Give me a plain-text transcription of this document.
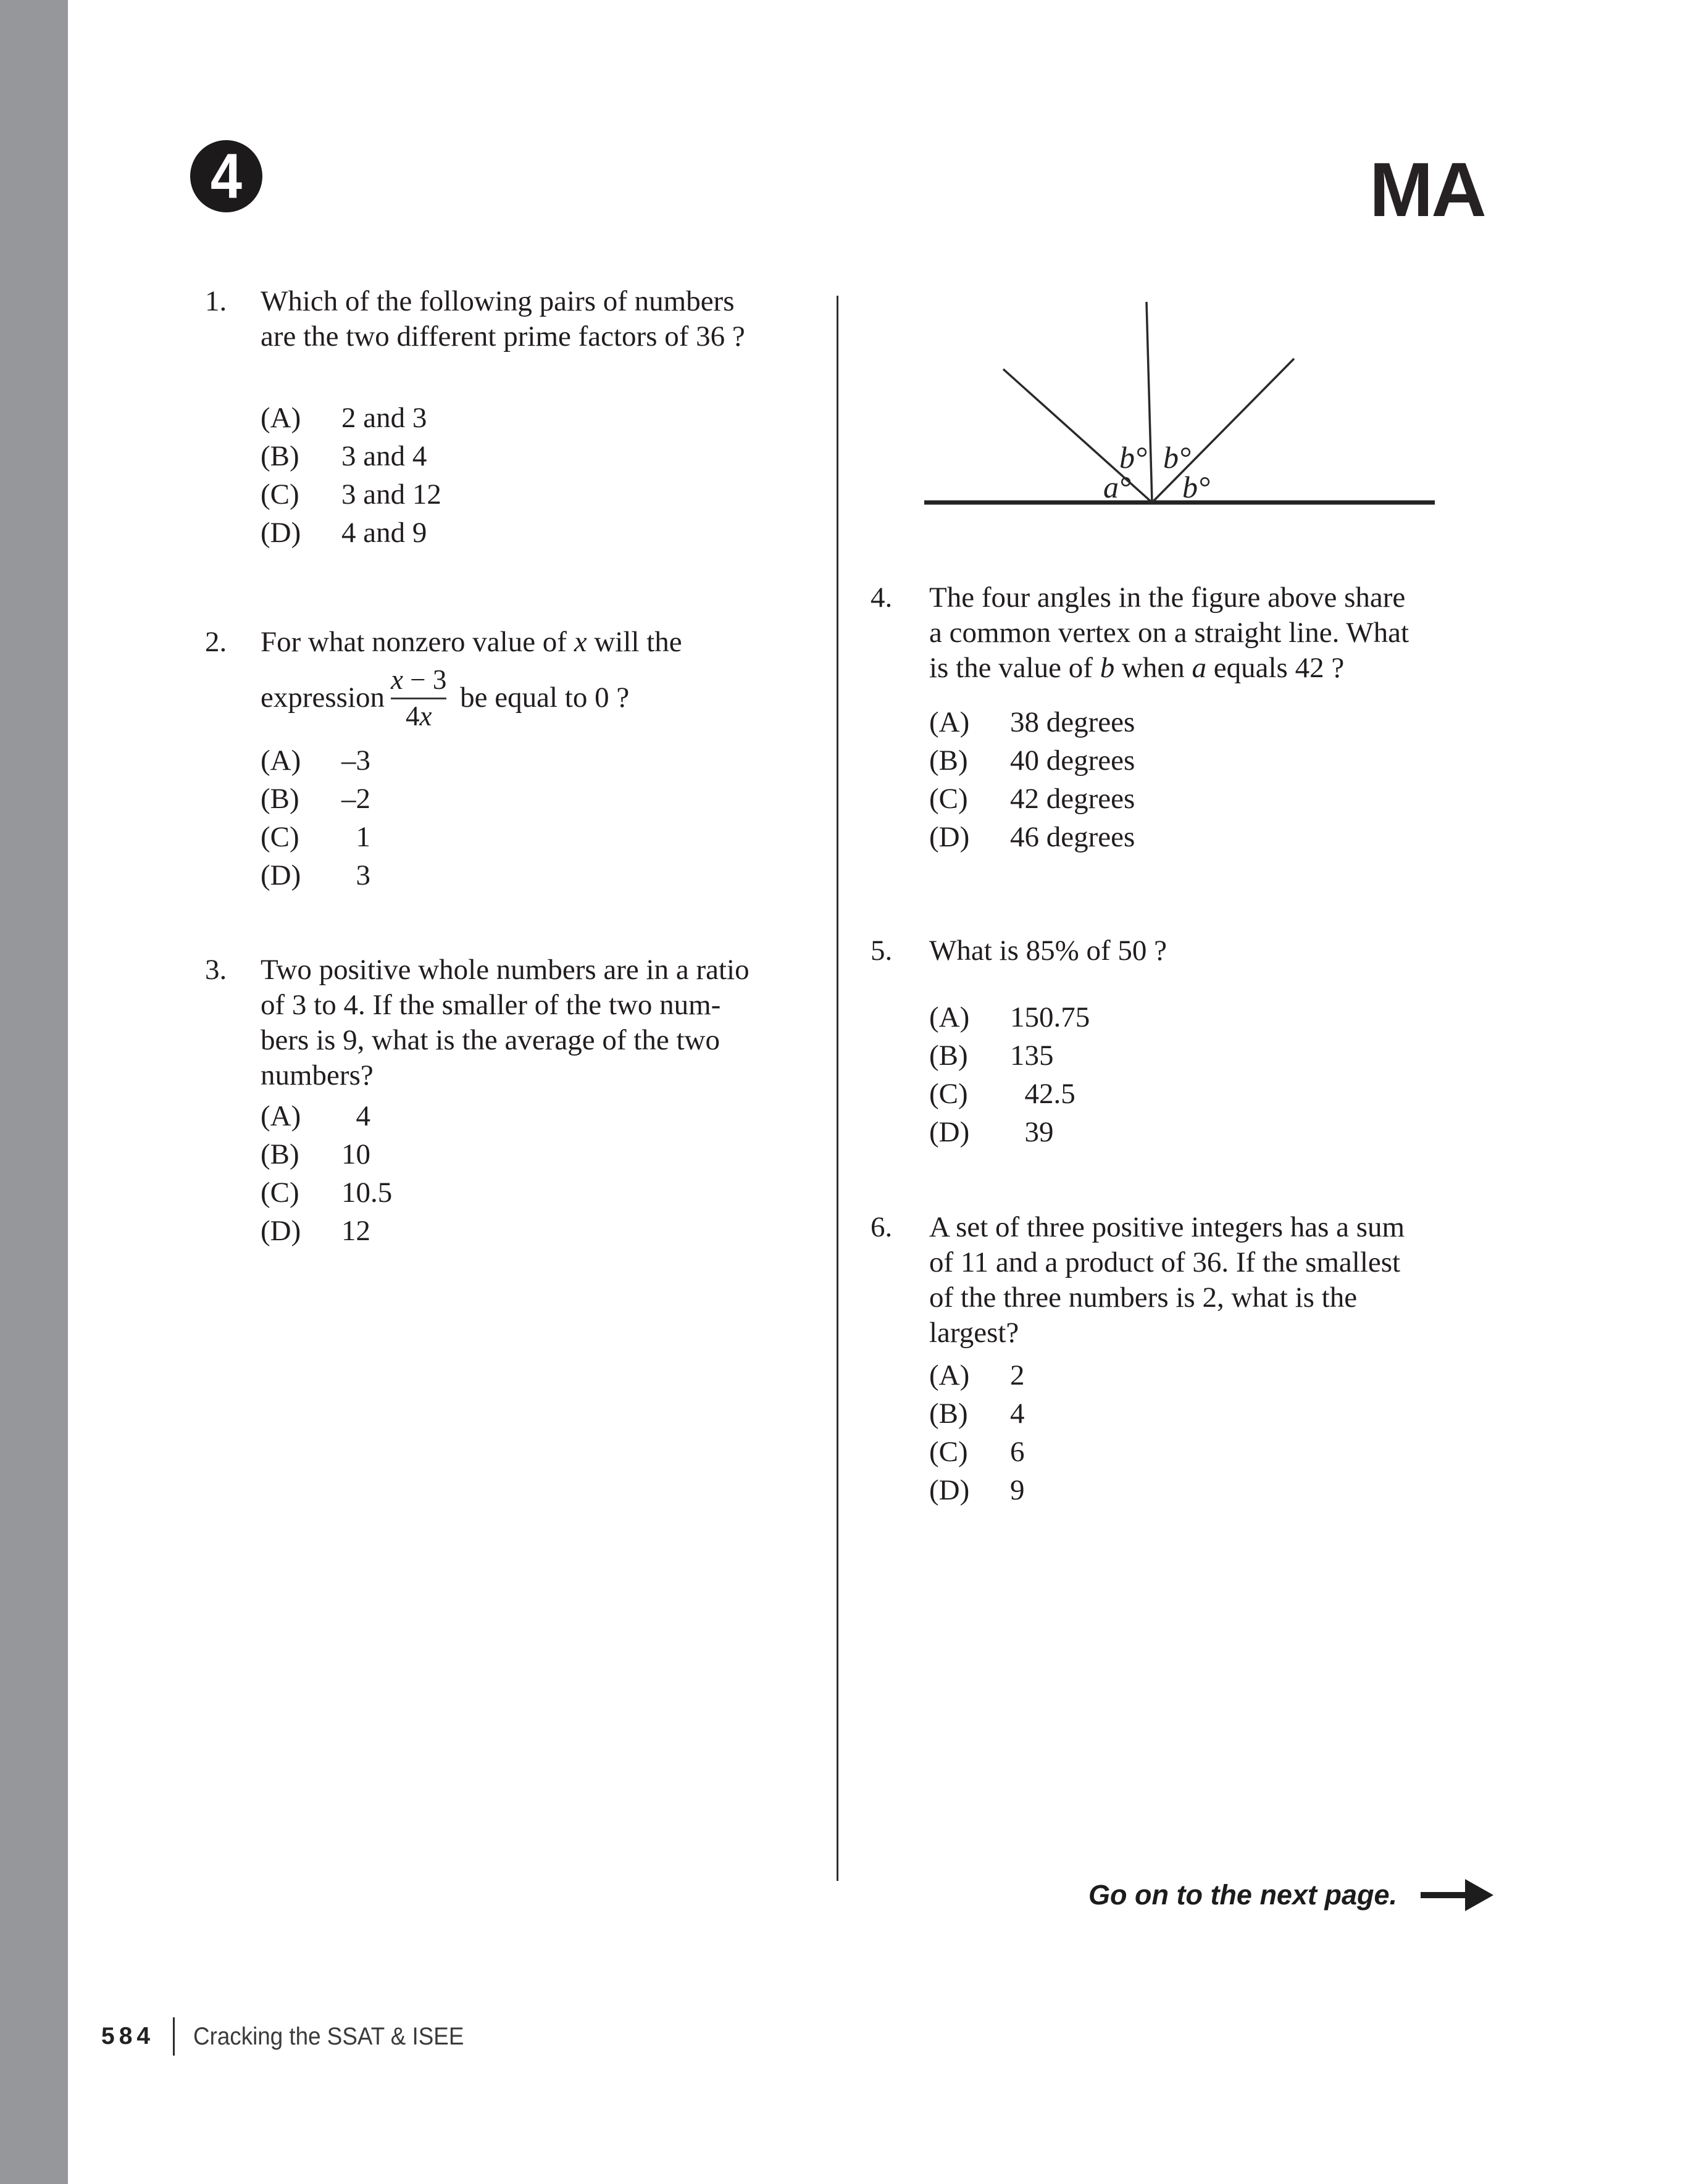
4	MA
1.	Which of the following pairs of numbers
are the two different prime factors of 36 ?
(A)	2 and 3
(B)	3 and 4
(C)	3 and 12
(D)	4 and 9
2.	For what nonzero value of x will the
expression $\frac{x - 3}{4x}$ be equal to 0 ?
(A)	–3
(B)	–2
(C)	1
(D)	3
3.	Two positive whole numbers are in a ratio
of 3 to 4. If the smaller of the two num-
bers is 9, what is the average of the two
numbers?
(A)	4
(B)	10
(C)	10.5
(D)	12
b° b°
a° b°
4.	The four angles in the figure above share
a common vertex on a straight line. What
is the value of b when a equals 42 ?
(A)	38 degrees
(B)	40 degrees
(C)	42 degrees
(D)	46 degrees
5.	What is 85% of 50 ?
(A)	150.75
(B)	135
(C)	42.5
(D)	39
6.	A set of three positive integers has a sum
of 11 and a product of 36. If the smallest
of the three numbers is 2, what is the
largest?
(A)	2
(B)	4
(C)	6
(D)	9
Go on to the next page.
584 Cracking the SSAT & ISEE
